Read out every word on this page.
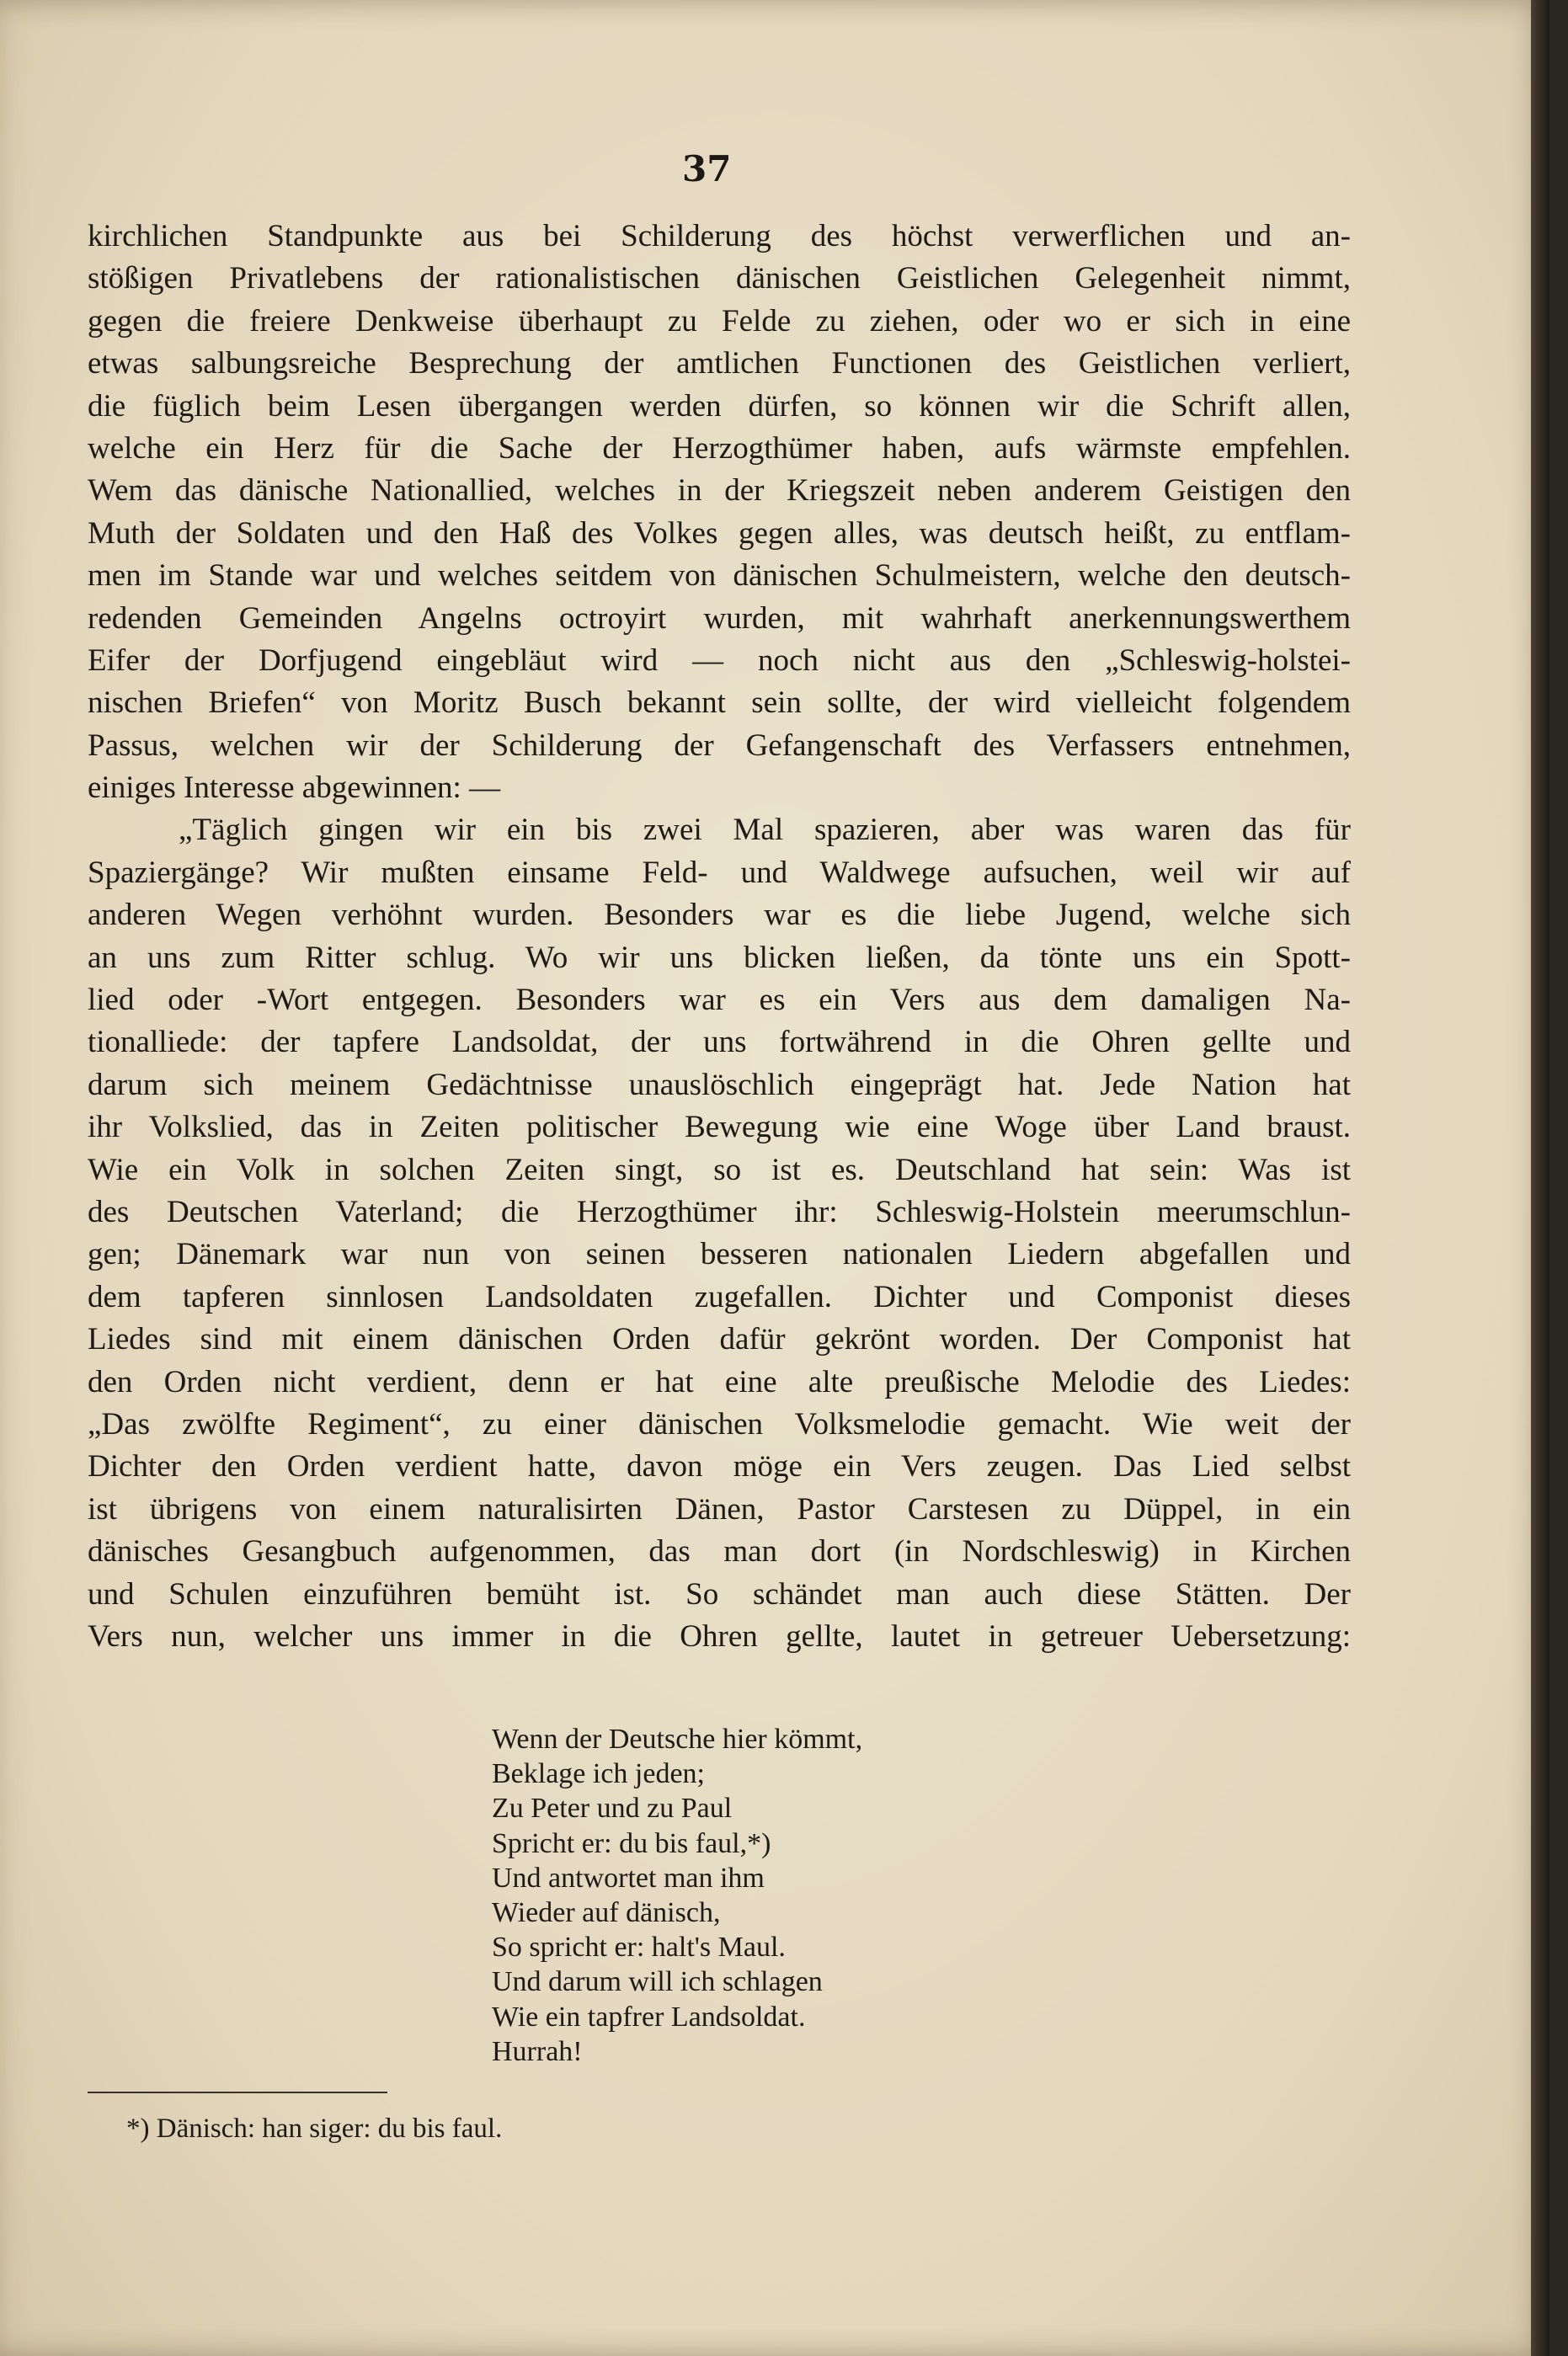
37
kirchlichen Standpunkte aus bei Schilderung des höchst verwerflichen und an-
stößigen Privatlebens der rationalistischen dänischen Geistlichen Gelegenheit nimmt,
gegen die freiere Denkweise überhaupt zu Felde zu ziehen, oder wo er sich in eine
etwas salbungsreiche Besprechung der amtlichen Functionen des Geistlichen verliert,
die füglich beim Lesen übergangen werden dürfen, so können wir die Schrift allen,
welche ein Herz für die Sache der Herzogthümer haben, aufs wärmste empfehlen.
Wem das dänische Nationallied, welches in der Kriegszeit neben anderem Geistigen den
Muth der Soldaten und den Haß des Volkes gegen alles, was deutsch heißt, zu entflam-
men im Stande war und welches seitdem von dänischen Schulmeistern, welche den deutsch-
redenden Gemeinden Angelns octroyirt wurden, mit wahrhaft anerkennungswerthem
Eifer der Dorfjugend eingebläut wird — noch nicht aus den „Schleswig-holstei-
nischen Briefen“ von Moritz Busch bekannt sein sollte, der wird vielleicht folgendem
Passus, welchen wir der Schilderung der Gefangenschaft des Verfassers entnehmen,
einiges Interesse abgewinnen: —
„Täglich gingen wir ein bis zwei Mal spazieren, aber was waren das für
Spaziergänge? Wir mußten einsame Feld- und Waldwege aufsuchen, weil wir auf
anderen Wegen verhöhnt wurden. Besonders war es die liebe Jugend, welche sich
an uns zum Ritter schlug. Wo wir uns blicken ließen, da tönte uns ein Spott-
lied oder -Wort entgegen. Besonders war es ein Vers aus dem damaligen Na-
tionalliede: der tapfere Landsoldat, der uns fortwährend in die Ohren gellte und
darum sich meinem Gedächtnisse unauslöschlich eingeprägt hat. Jede Nation hat
ihr Volkslied, das in Zeiten politischer Bewegung wie eine Woge über Land braust.
Wie ein Volk in solchen Zeiten singt, so ist es. Deutschland hat sein: Was ist
des Deutschen Vaterland; die Herzogthümer ihr: Schleswig-Holstein meerumschlun-
gen; Dänemark war nun von seinen besseren nationalen Liedern abgefallen und
dem tapferen sinnlosen Landsoldaten zugefallen. Dichter und Componist dieses
Liedes sind mit einem dänischen Orden dafür gekrönt worden. Der Componist hat
den Orden nicht verdient, denn er hat eine alte preußische Melodie des Liedes:
„Das zwölfte Regiment“, zu einer dänischen Volksmelodie gemacht. Wie weit der
Dichter den Orden verdient hatte, davon möge ein Vers zeugen. Das Lied selbst
ist übrigens von einem naturalisirten Dänen, Pastor Carstesen zu Düppel, in ein
dänisches Gesangbuch aufgenommen, das man dort (in Nordschleswig) in Kirchen
und Schulen einzuführen bemüht ist. So schändet man auch diese Stätten. Der
Vers nun, welcher uns immer in die Ohren gellte, lautet in getreuer Uebersetzung:
Wenn der Deutsche hier kömmt,
Beklage ich jeden;
Zu Peter und zu Paul
Spricht er: du bis faul,*)
Und antwortet man ihm
Wieder auf dänisch,
So spricht er: halt's Maul.
Und darum will ich schlagen
Wie ein tapfrer Landsoldat.
Hurrah!
*) Dänisch: han siger: du bis faul.
